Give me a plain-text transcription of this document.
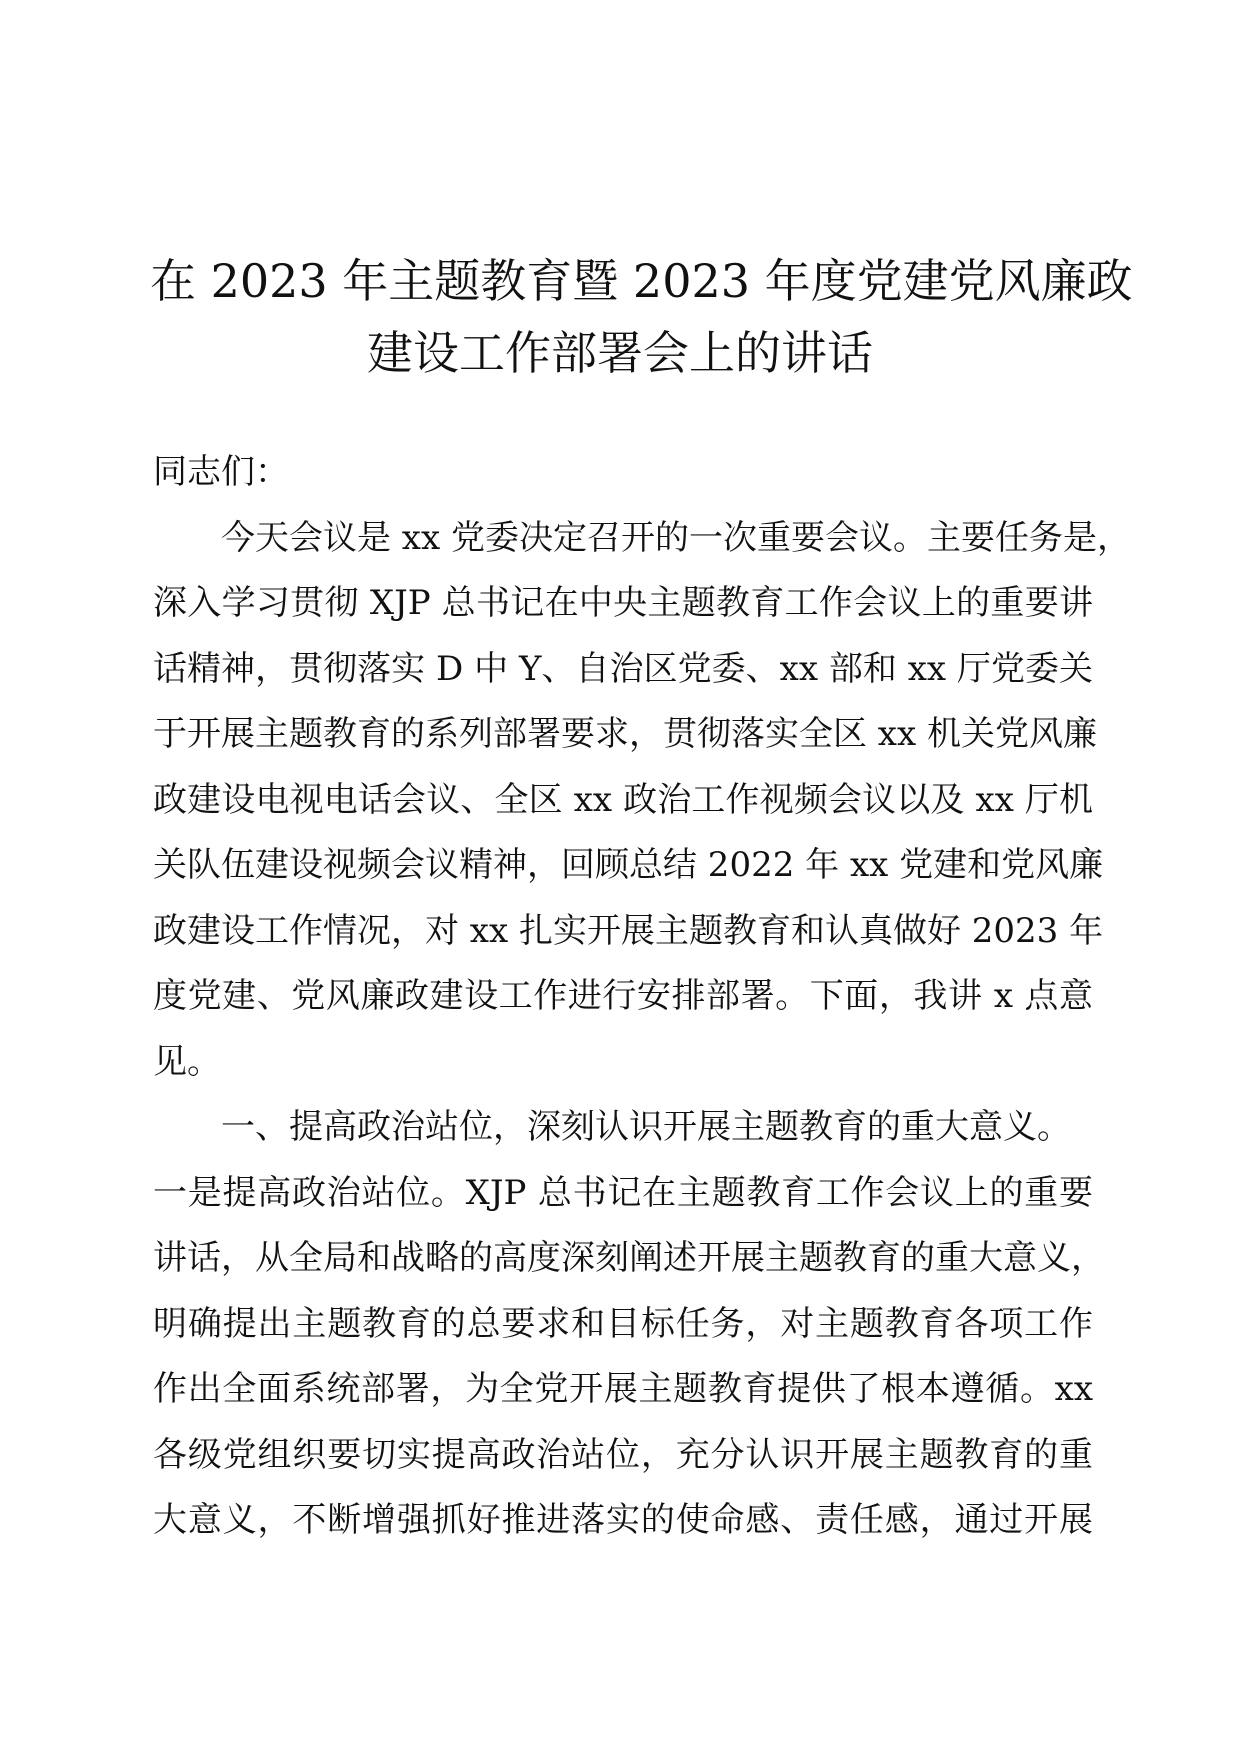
在 2023 年主题教育暨 2023 年度党建党风廉政
建设工作部署会上的讲话
同志们：
今天会议是 xx 党委决定召开的一次重要会议。主要任务是，
深入学习贯彻 XJP 总书记在中央主题教育工作会议上的重要讲
话精神，贯彻落实 D 中 Y、自治区党委、xx 部和 xx 厅党委关
于开展主题教育的系列部署要求，贯彻落实全区 xx 机关党风廉
政建设电视电话会议、全区 xx 政治工作视频会议以及 xx 厅机
关队伍建设视频会议精神，回顾总结 2022 年 xx 党建和党风廉
政建设工作情况，对 xx 扎实开展主题教育和认真做好 2023 年
度党建、党风廉政建设工作进行安排部署。下面，我讲 x 点意
见。
一、提高政治站位，深刻认识开展主题教育的重大意义。
一是提高政治站位。XJP 总书记在主题教育工作会议上的重要
讲话，从全局和战略的高度深刻阐述开展主题教育的重大意义，
明确提出主题教育的总要求和目标任务，对主题教育各项工作
作出全面系统部署，为全党开展主题教育提供了根本遵循。xx
各级党组织要切实提高政治站位，充分认识开展主题教育的重
大意义，不断增强抓好推进落实的使命感、责任感，通过开展
